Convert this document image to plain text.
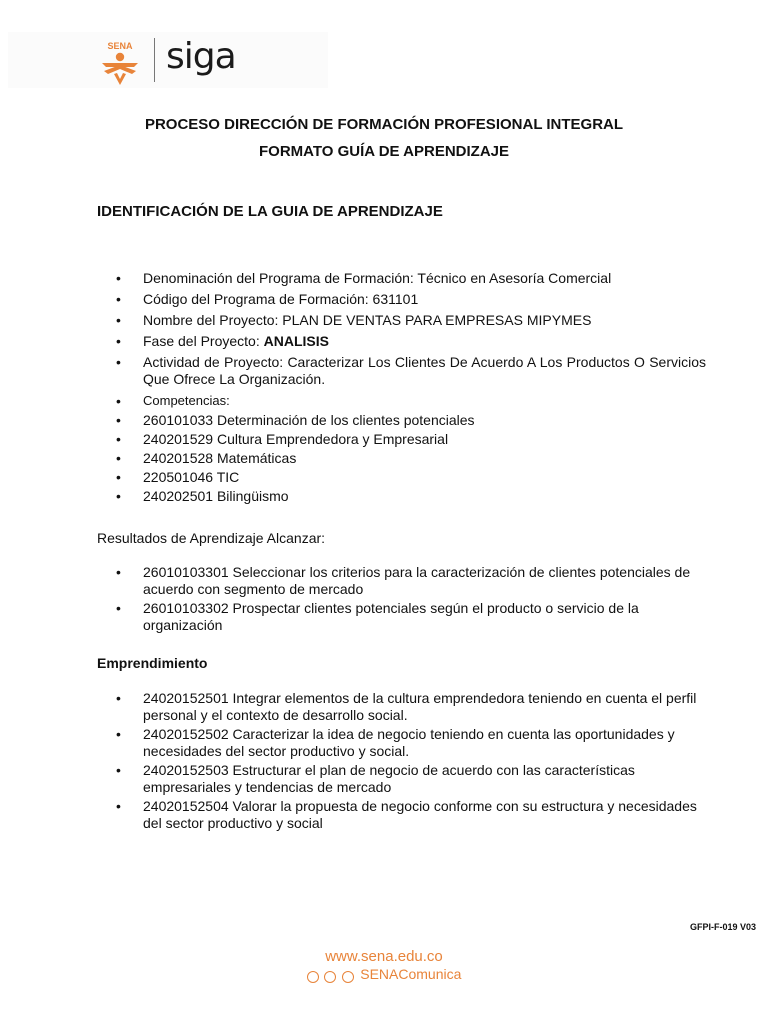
SENA siga
PROCESO DIRECCIÓN DE FORMACIÓN PROFESIONAL INTEGRAL
FORMATO GUÍA DE APRENDIZAJE
IDENTIFICACIÓN DE LA GUIA DE APRENDIZAJE
• Denominación del Programa de Formación: Técnico en Asesoría Comercial
• Código del Programa de Formación: 631101
• Nombre del Proyecto: PLAN DE VENTAS PARA EMPRESAS MIPYMES
• Fase del Proyecto: ANALISIS
• Actividad de Proyecto: Caracterizar Los Clientes De Acuerdo A Los Productos O Servicios Que Ofrece La Organización.
• Competencias:
• 260101033 Determinación de los clientes potenciales
• 240201529 Cultura Emprendedora y Empresarial
• 240201528 Matemáticas
• 220501046 TIC
• 240202501 Bilingüismo
Resultados de Aprendizaje Alcanzar:
• 26010103301 Seleccionar los criterios para la caracterización de clientes potenciales de acuerdo con segmento de mercado
• 26010103302 Prospectar clientes potenciales según el producto o servicio de la organización
Emprendimiento
• 24020152501 Integrar elementos de la cultura emprendedora teniendo en cuenta el perfil personal y el contexto de desarrollo social.
• 24020152502 Caracterizar la idea de negocio teniendo en cuenta las oportunidades y necesidades del sector productivo y social.
• 24020152503 Estructurar el plan de negocio de acuerdo con las características empresariales y tendencias de mercado
• 24020152504 Valorar la propuesta de negocio conforme con su estructura y necesidades del sector productivo y social
GFPI-F-019 V03
www.sena.edu.co
SENAComunica
